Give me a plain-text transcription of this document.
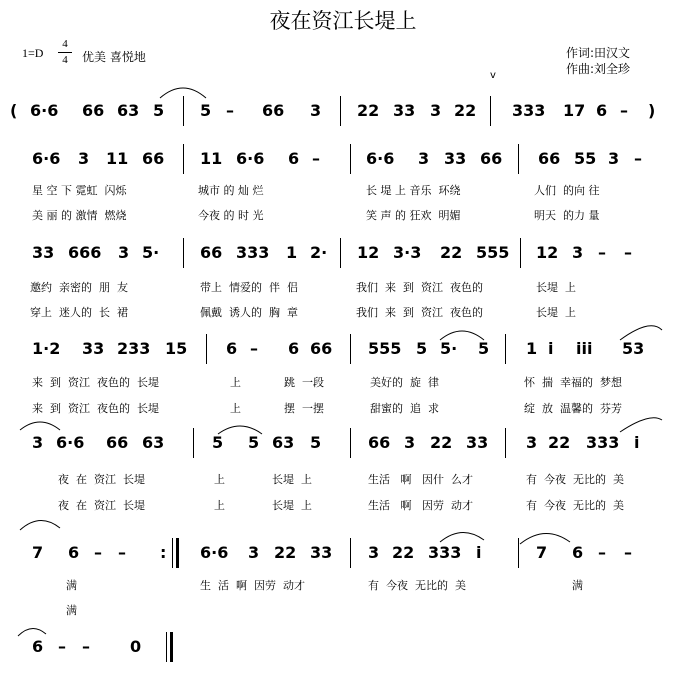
夜在资江长堤上
1=D
4
4	优美 喜悦地	作词:田汉文
作曲:刘全珍
v
( 6·6 66 63 5 5 – 66 3 22 33 3 22 333 17 6 – )
6·6 3 11 66 11 6·6 6 –	6·6 3 33 66 66 55 3 –
33 666 3 5·	66 333 1 2· 12 3·3 22 555 12 3 – –
1·2 33 233 15 6 – 6 66 555 5 5· 5 1 i iii 53
3 6·6 66 63	5 5 63 5	66 3 22 33 3 22 333 i
7 6 – – : 6·6 3 22 33 3 22 333 i	7 6 – –
6 – –	0
星 空 下 霓虹  闪烁	城市 的 灿 烂	长 堤 上 音乐  环绕	人们  的向 往
美 丽 的 激情  燃烧	今夜 的 时 光	笑 声 的 狂欢  明媚	明天  的力 量
邀约  亲密的  朋  友	带上  情爱的  伴  侣	我们  来  到  资江  夜色的	长堤  上
穿上  迷人的  长  裙	佩戴  诱人的  胸  章	我们  来  到  资江  夜色的	长堤  上
来  到  资江  夜色的  长堤	上	跳  一段	美好的  旋  律	怀  揣  幸福的  梦想
来  到  资江  夜色的  长堤	上	摆  一摆	甜蜜的  追  求	绽  放  温馨的  芬芳
夜  在  资江  长堤	上	长堤  上	生活   啊   因什  么才	有  今夜  无比的  美
夜  在  资江  长堤	上	长堤  上	生活   啊   因劳  动才	有  今夜  无比的  美
满	生  活  啊  因劳  动才	有  今夜  无比的  美	满
满
